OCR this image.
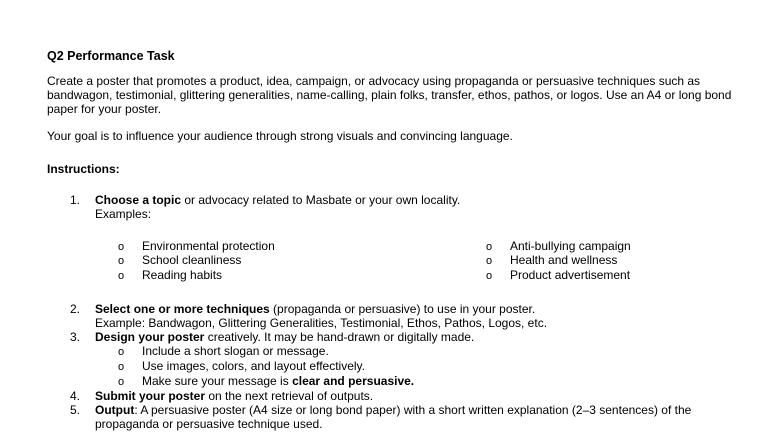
Q2 Performance Task
Create a poster that promotes a product, idea, campaign, or advocacy using propaganda or persuasive techniques such as bandwagon, testimonial, glittering generalities, name-calling, plain folks, transfer, ethos, pathos, or logos. Use an A4 or long bond paper for your poster.
Your goal is to influence your audience through strong visuals and convincing language.
Instructions:
1. Choose a topic or advocacy related to Masbate or your own locality.
Examples:
o Environmental protection
o School cleanliness
o Reading habits
o Anti-bullying campaign
o Health and wellness
o Product advertisement
2. Select one or more techniques (propaganda or persuasive) to use in your poster.
Example: Bandwagon, Glittering Generalities, Testimonial, Ethos, Pathos, Logos, etc.
3. Design your poster creatively. It may be hand-drawn or digitally made.
o Include a short slogan or message.
o Use images, colors, and layout effectively.
o Make sure your message is clear and persuasive.
4. Submit your poster on the next retrieval of outputs.
5. Output: A persuasive poster (A4 size or long bond paper) with a short written explanation (2–3 sentences) of the
propaganda or persuasive technique used.
